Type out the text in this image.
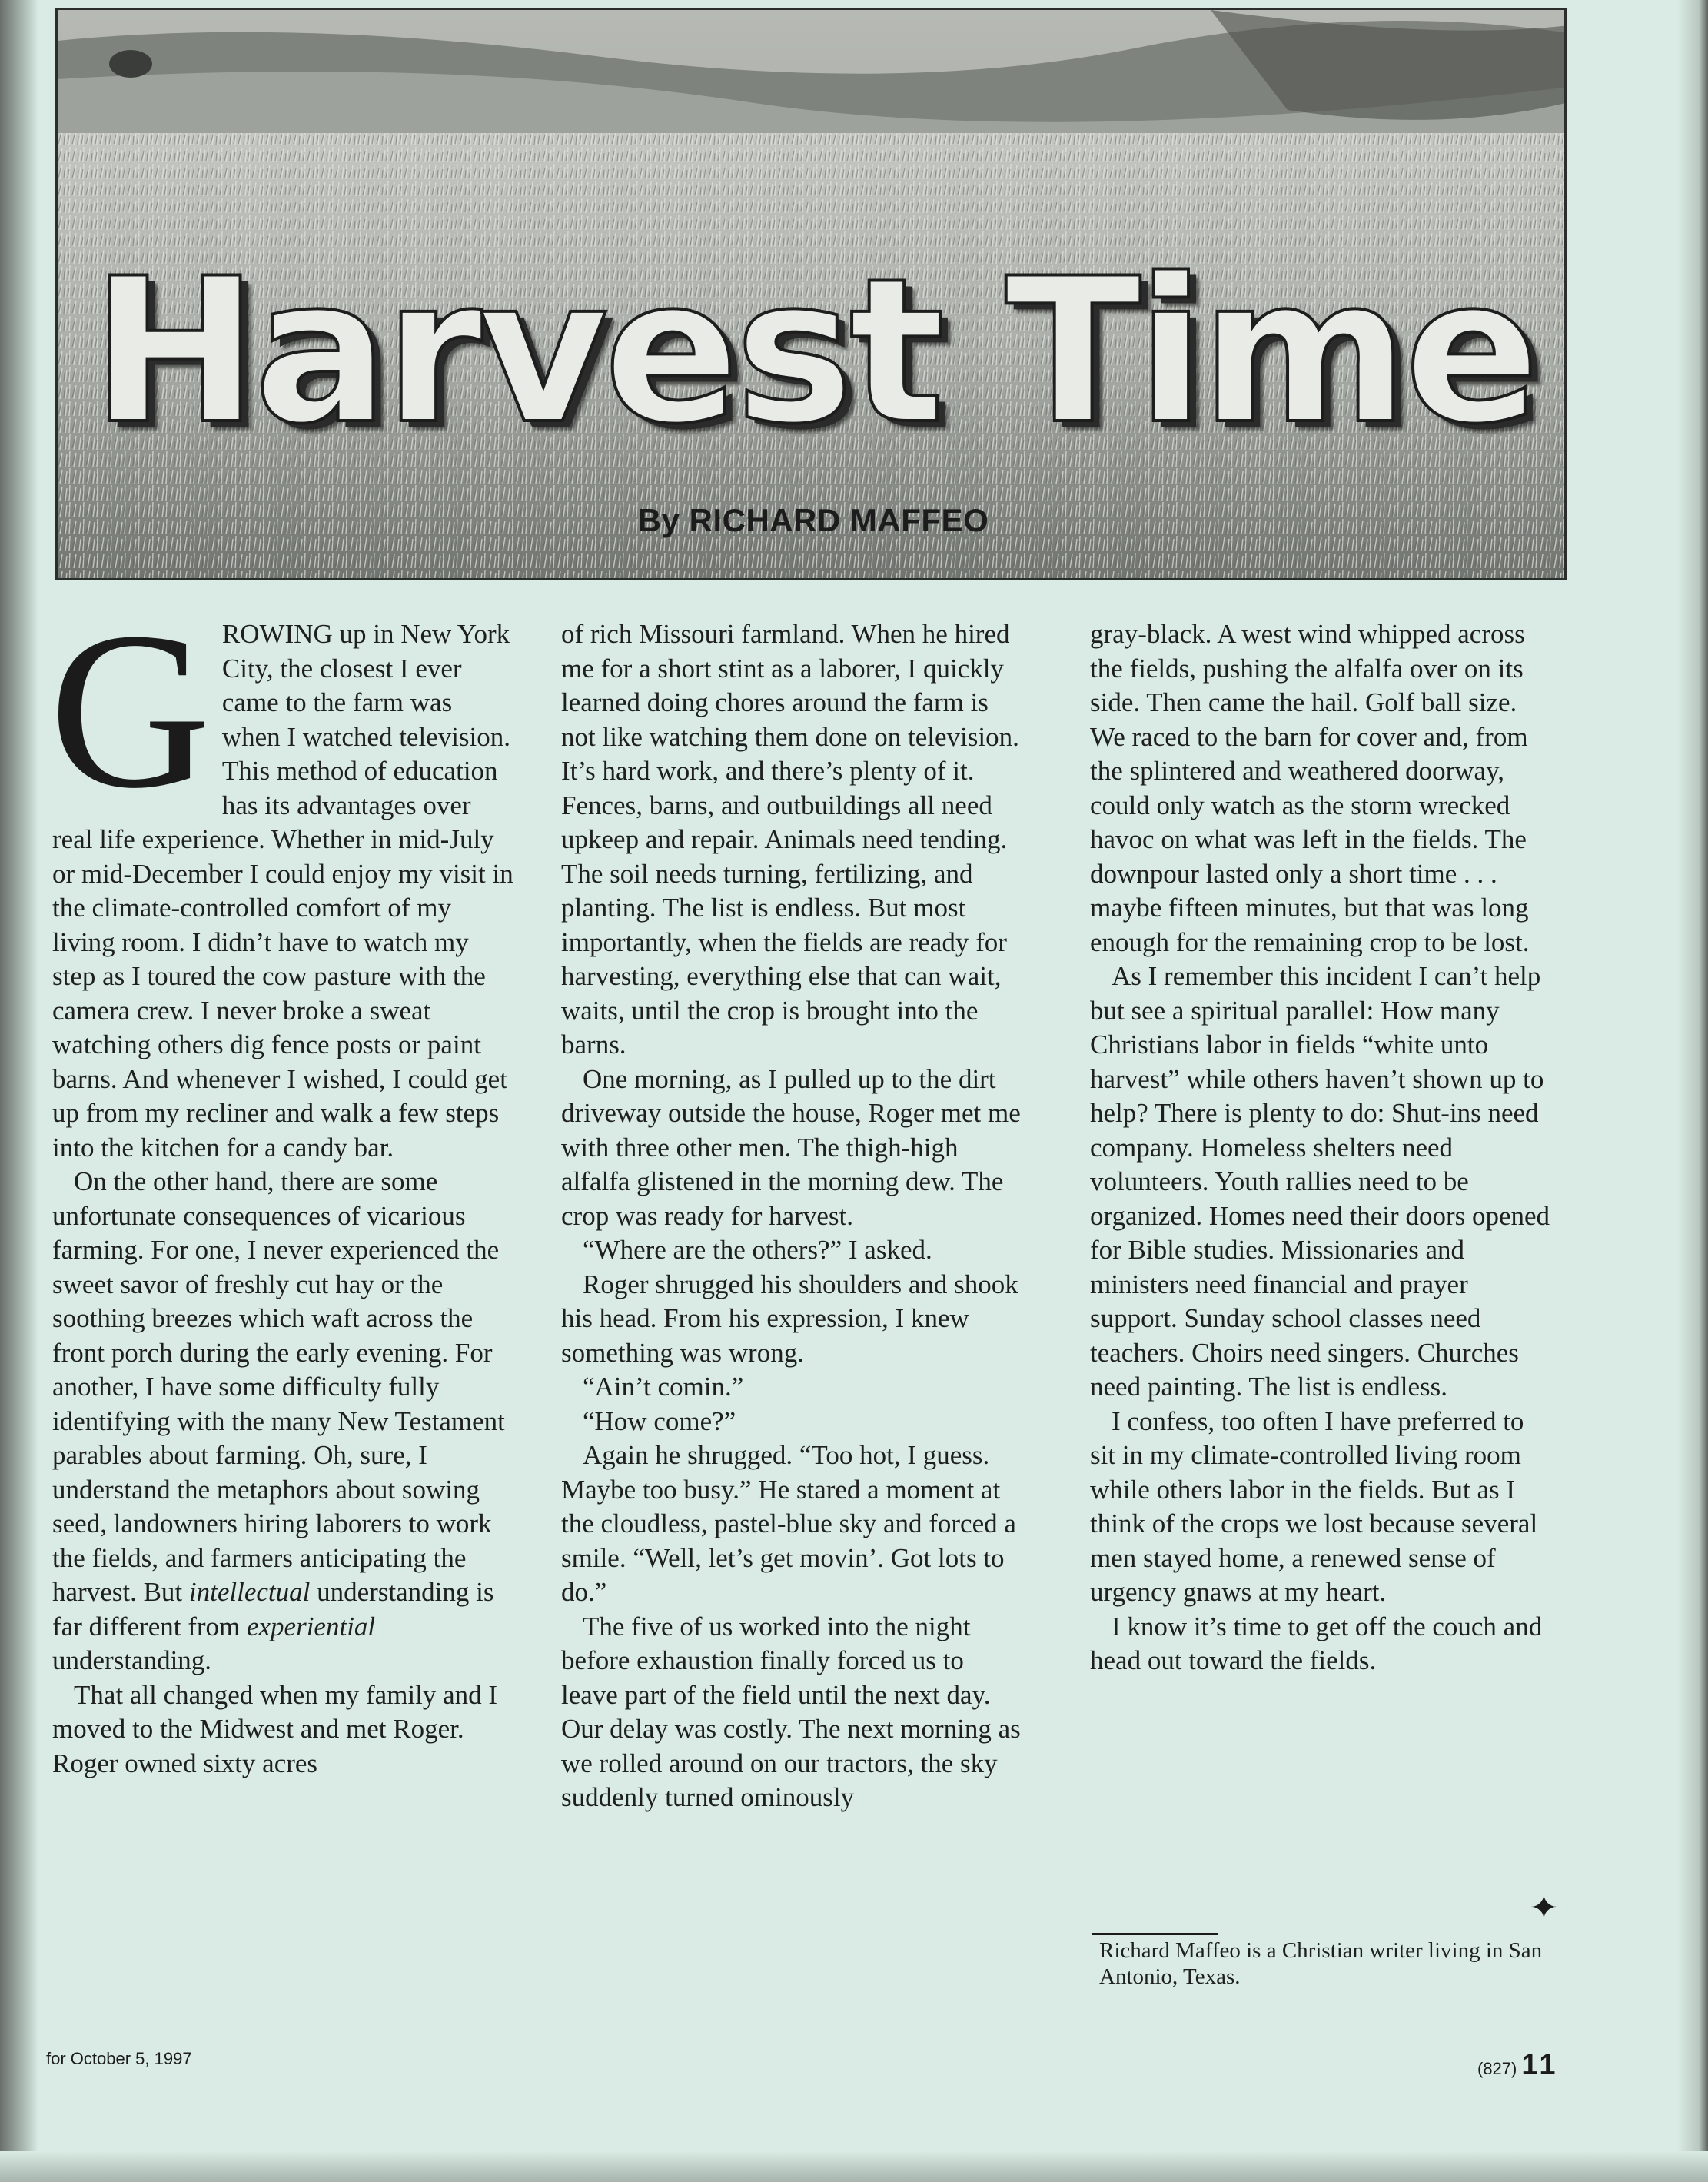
Harvest Time
By RICHARD MAFFEO
G ROWING up in New York City, the closest I ever came to the farm was when I watched television. This method of education has its advantages over real life experience. Whether in mid-July or mid-December I could enjoy my visit in the climate-controlled comfort of my living room. I didn’t have to watch my step as I toured the cow pasture with the camera crew. I never broke a sweat watching others dig fence posts or paint barns. And whenever I wished, I could get up from my recliner and walk a few steps into the kitchen for a candy bar.

On the other hand, there are some unfortunate consequences of vicarious farming. For one, I never experienced the sweet savor of freshly cut hay or the soothing breezes which waft across the front porch during the early evening. For another, I have some difficulty fully identifying with the many New Testament parables about farming. Oh, sure, I understand the metaphors about sowing seed, landowners hiring laborers to work the fields, and farmers anticipating the harvest. But intellectual understanding is far different from experiential understanding.

That all changed when my family and I moved to the Midwest and met Roger. Roger owned sixty acres

of rich Missouri farmland. When he hired me for a short stint as a laborer, I quickly learned doing chores around the farm is not like watching them done on television. It’s hard work, and there’s plenty of it. Fences, barns, and outbuildings all need upkeep and repair. Animals need tending. The soil needs turning, fertilizing, and planting. The list is endless. But most importantly, when the fields are ready for harvesting, everything else that can wait, waits, until the crop is brought into the barns.

One morning, as I pulled up to the dirt driveway outside the house, Roger met me with three other men. The thigh-high alfalfa glistened in the morning dew. The crop was ready for harvest.

“Where are the others?” I asked.

Roger shrugged his shoulders and shook his head. From his expression, I knew something was wrong.

“Ain’t comin.”

“How come?”

Again he shrugged. “Too hot, I guess. Maybe too busy.” He stared a moment at the cloudless, pastel-blue sky and forced a smile. “Well, let’s get movin’. Got lots to do.”

The five of us worked into the night before exhaustion finally forced us to leave part of the field until the next day. Our delay was costly. The next morning as we rolled around on our tractors, the sky suddenly turned ominously

gray-black. A west wind whipped across the fields, pushing the alfalfa over on its side. Then came the hail. Golf ball size. We raced to the barn for cover and, from the splintered and weathered doorway, could only watch as the storm wrecked havoc on what was left in the fields. The downpour lasted only a short time . . . maybe fifteen minutes, but that was long enough for the remaining crop to be lost.

As I remember this incident I can’t help but see a spiritual parallel: How many Christians labor in fields “white unto harvest” while others haven’t shown up to help? There is plenty to do: Shut-ins need company. Homeless shelters need volunteers. Youth rallies need to be organized. Homes need their doors opened for Bible studies. Missionaries and ministers need financial and prayer support. Sunday school classes need teachers. Choirs need singers. Churches need painting. The list is endless.

I confess, too often I have preferred to sit in my climate-controlled living room while others labor in the fields. But as I think of the crops we lost because several men stayed home, a renewed sense of urgency gnaws at my heart.

I know it’s time to get off the couch and head out toward the fields.

✦
Richard Maffeo is a Christian writer living in San Antonio, Texas.
for October 5, 1997
(827) 11
